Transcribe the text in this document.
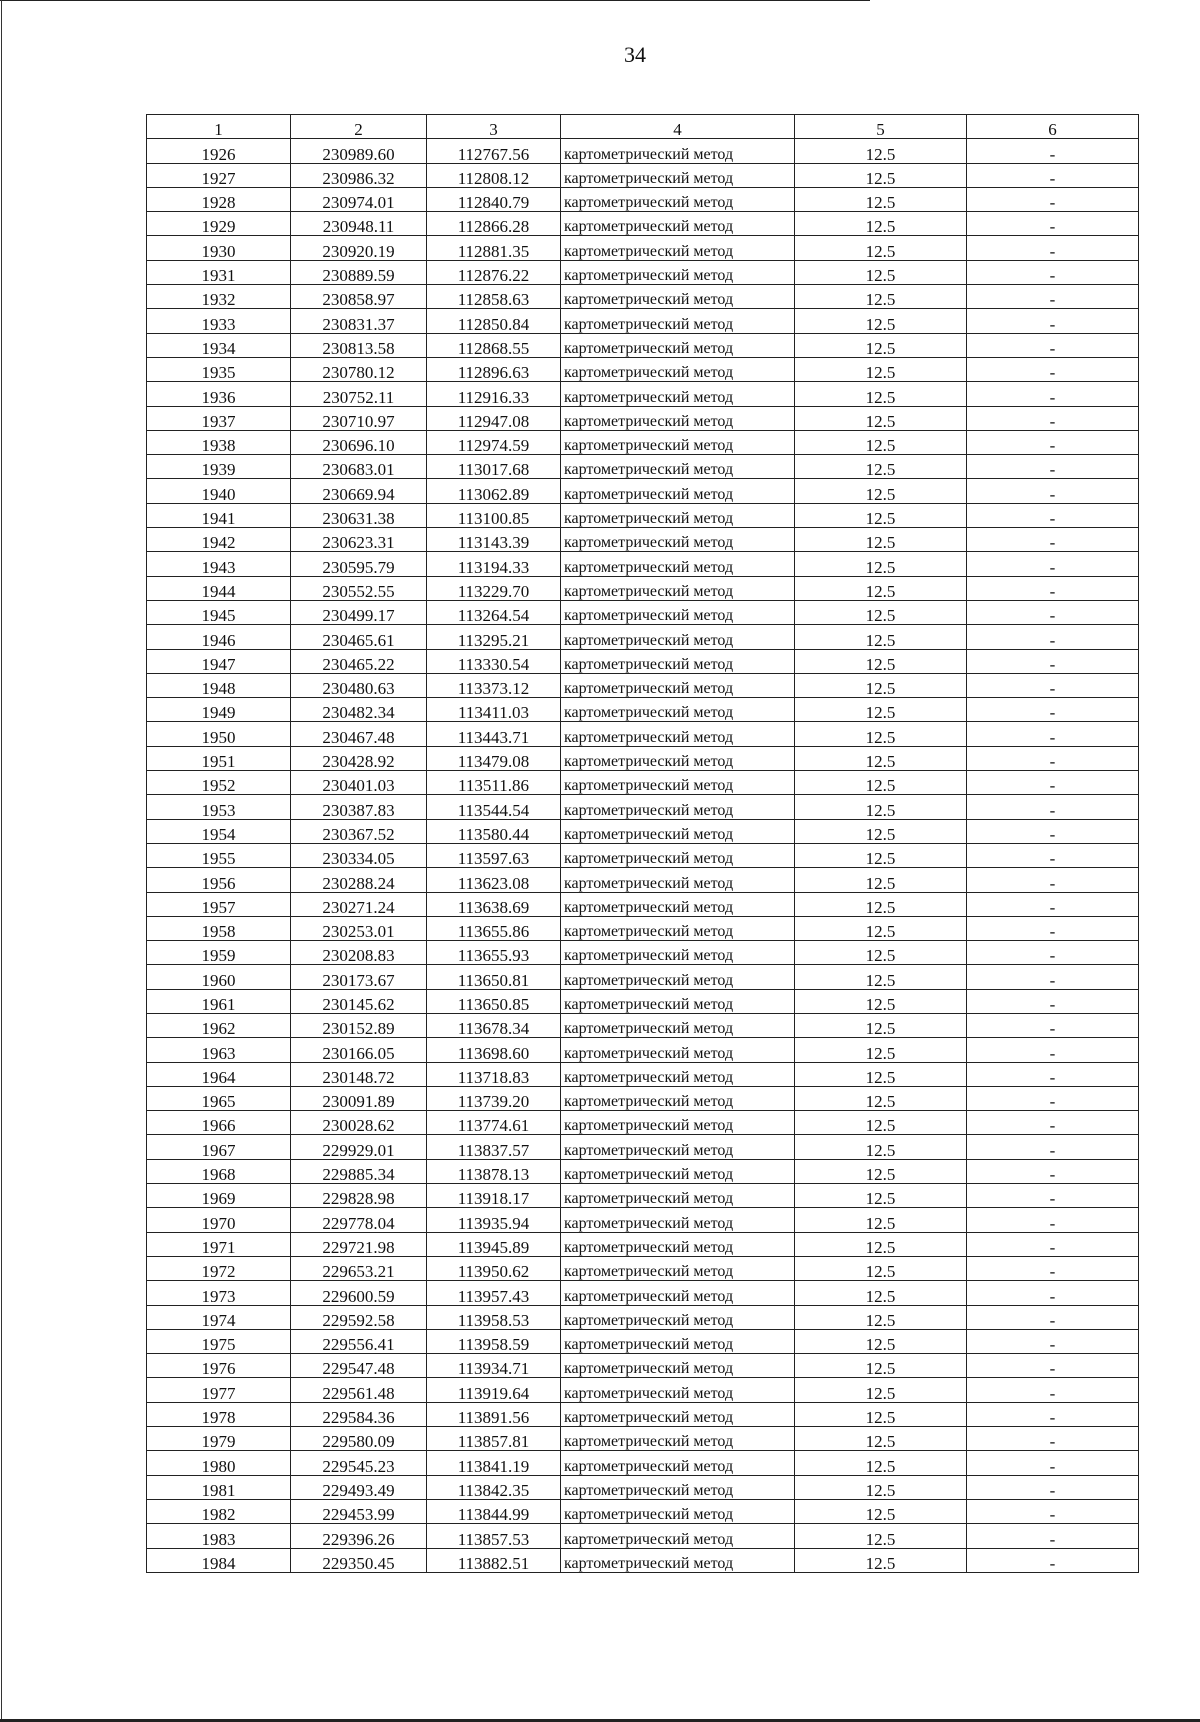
34
1	2	3	4	5	6
1926	230989.60	112767.56	картометрический метод	12.5	-
1927	230986.32	112808.12	картометрический метод	12.5	-
1928	230974.01	112840.79	картометрический метод	12.5	-
1929	230948.11	112866.28	картометрический метод	12.5	-
1930	230920.19	112881.35	картометрический метод	12.5	-
1931	230889.59	112876.22	картометрический метод	12.5	-
1932	230858.97	112858.63	картометрический метод	12.5	-
1933	230831.37	112850.84	картометрический метод	12.5	-
1934	230813.58	112868.55	картометрический метод	12.5	-
1935	230780.12	112896.63	картометрический метод	12.5	-
1936	230752.11	112916.33	картометрический метод	12.5	-
1937	230710.97	112947.08	картометрический метод	12.5	-
1938	230696.10	112974.59	картометрический метод	12.5	-
1939	230683.01	113017.68	картометрический метод	12.5	-
1940	230669.94	113062.89	картометрический метод	12.5	-
1941	230631.38	113100.85	картометрический метод	12.5	-
1942	230623.31	113143.39	картометрический метод	12.5	-
1943	230595.79	113194.33	картометрический метод	12.5	-
1944	230552.55	113229.70	картометрический метод	12.5	-
1945	230499.17	113264.54	картометрический метод	12.5	-
1946	230465.61	113295.21	картометрический метод	12.5	-
1947	230465.22	113330.54	картометрический метод	12.5	-
1948	230480.63	113373.12	картометрический метод	12.5	-
1949	230482.34	113411.03	картометрический метод	12.5	-
1950	230467.48	113443.71	картометрический метод	12.5	-
1951	230428.92	113479.08	картометрический метод	12.5	-
1952	230401.03	113511.86	картометрический метод	12.5	-
1953	230387.83	113544.54	картометрический метод	12.5	-
1954	230367.52	113580.44	картометрический метод	12.5	-
1955	230334.05	113597.63	картометрический метод	12.5	-
1956	230288.24	113623.08	картометрический метод	12.5	-
1957	230271.24	113638.69	картометрический метод	12.5	-
1958	230253.01	113655.86	картометрический метод	12.5	-
1959	230208.83	113655.93	картометрический метод	12.5	-
1960	230173.67	113650.81	картометрический метод	12.5	-
1961	230145.62	113650.85	картометрический метод	12.5	-
1962	230152.89	113678.34	картометрический метод	12.5	-
1963	230166.05	113698.60	картометрический метод	12.5	-
1964	230148.72	113718.83	картометрический метод	12.5	-
1965	230091.89	113739.20	картометрический метод	12.5	-
1966	230028.62	113774.61	картометрический метод	12.5	-
1967	229929.01	113837.57	картометрический метод	12.5	-
1968	229885.34	113878.13	картометрический метод	12.5	-
1969	229828.98	113918.17	картометрический метод	12.5	-
1970	229778.04	113935.94	картометрический метод	12.5	-
1971	229721.98	113945.89	картометрический метод	12.5	-
1972	229653.21	113950.62	картометрический метод	12.5	-
1973	229600.59	113957.43	картометрический метод	12.5	-
1974	229592.58	113958.53	картометрический метод	12.5	-
1975	229556.41	113958.59	картометрический метод	12.5	-
1976	229547.48	113934.71	картометрический метод	12.5	-
1977	229561.48	113919.64	картометрический метод	12.5	-
1978	229584.36	113891.56	картометрический метод	12.5	-
1979	229580.09	113857.81	картометрический метод	12.5	-
1980	229545.23	113841.19	картометрический метод	12.5	-
1981	229493.49	113842.35	картометрический метод	12.5	-
1982	229453.99	113844.99	картометрический метод	12.5	-
1983	229396.26	113857.53	картометрический метод	12.5	-
1984	229350.45	113882.51	картометрический метод	12.5	-
